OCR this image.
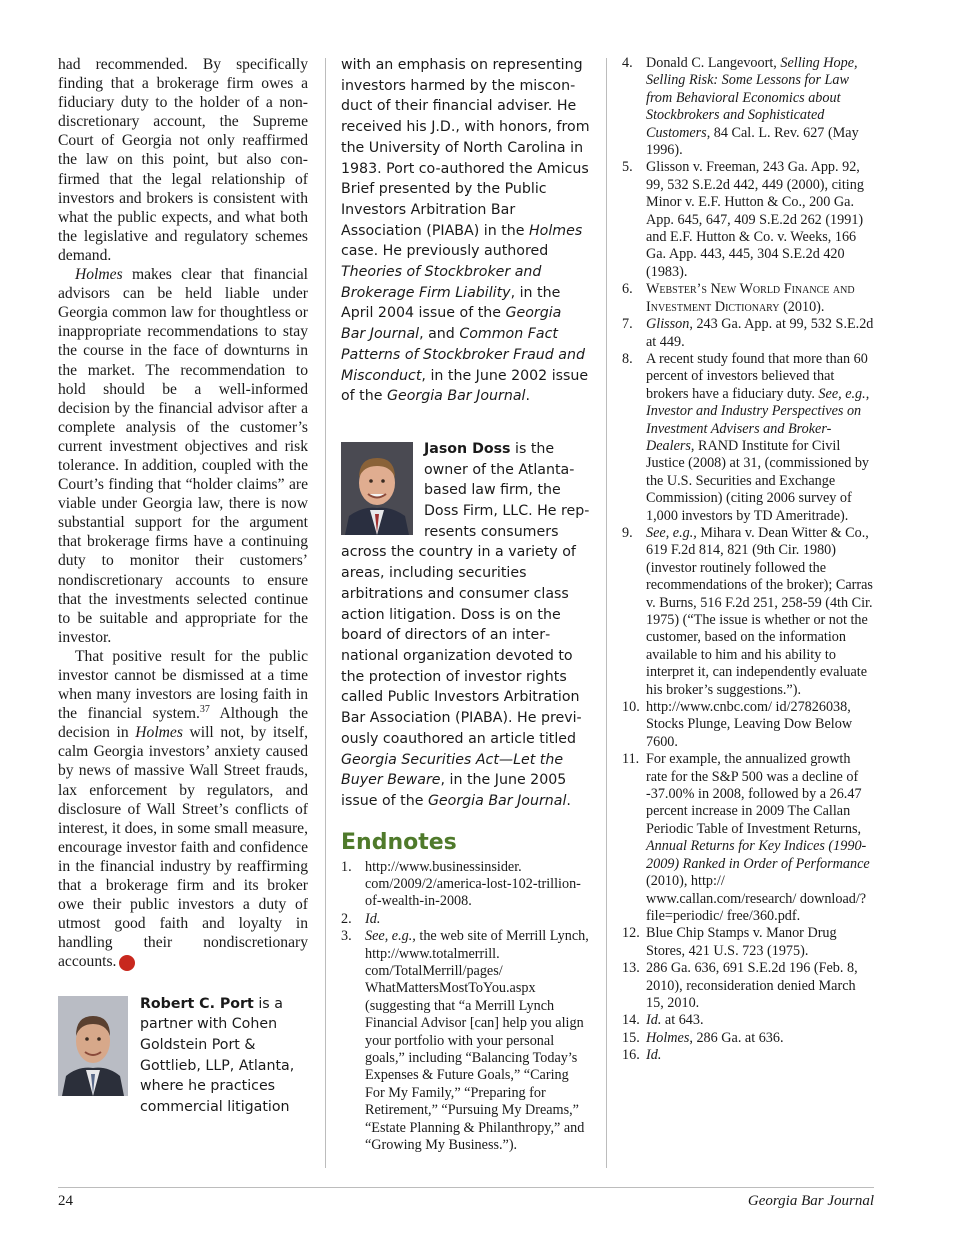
had recommended. By specifically finding that a brokerage firm owes a fiduciary duty to the holder of a nondiscretionary account, the Supreme Court of Georgia not only reaffirmed the law on this point, but also confirmed that the legal relationship of investors and brokers is consistent with what the public expects, and what both the legislative and regulatory schemes demand.

Holmes makes clear that financial advisors can be held liable under Georgia common law for thoughtless or inappropriate recommendations to stay the course in the face of downturns in the market. The recommendation to hold should be a well-informed decision by the financial advisor after a complete analysis of the customer’s current investment objectives and risk tolerance. In addition, coupled with the Court’s finding that “holder claims” are viable under Georgia law, there is now substantial support for the argument that brokerage firms have a continuing duty to monitor their customers’ nondiscretionary accounts to ensure that the investments selected continue to be suitable and appropriate for the investor.

That positive result for the public investor cannot be dismissed at a time when many investors are losing faith in the financial system.$^{37}$ Although the decision in Holmes will not, by itself, calm Georgia investors’ anxiety caused by news of massive Wall Street frauds, lax enforcement by regulators, and disclosure of Wall Street’s conflicts of interest, it does, in some small measure, encourage investor faith and confidence in the financial industry by reaffirming that a brokerage firm and its broker owe their public investors a duty of utmost good faith and loyalty in handling their nondiscretionary accounts.	GBJ

Robert C. Port is a partner with Cohen Goldstein Port & Gottlieb, LLP, Atlanta, where he practices commercial litigation

with an emphasis on representing investors harmed by the misconduct of their financial adviser. He received his J.D., with honors, from the University of North Carolina in 1983. Port co-authored the Amicus Brief presented by the Public Investors Arbitration Bar Association (PIABA) in the Holmes case. He previously authored Theories of Stockbroker and Brokerage Firm Liability, in the April 2004 issue of the Georgia Bar Journal, and Common Fact Patterns of Stockbroker Fraud and Misconduct, in the June 2002 issue of the Georgia Bar Journal.

Jason Doss is the owner of the Atlanta-based law firm, the Doss Firm, LLC. He represents consumers across the country in a variety of areas, including securities arbitrations and consumer class action litigation. Doss is on the board of directors of an international organization devoted to the protection of investor rights called Public Investors Arbitration Bar Association (PIABA). He previously coauthored an article titled Georgia Securities Act—Let the Buyer Beware, in the June 2005 issue of the Georgia Bar Journal.

Endnotes
1. http://www.businessinsider. com/2009/2/america-lost-102-trillion-of-wealth-in-2008.
2. Id.
3. See, e.g., the web site of Merrill Lynch, http://www.totalmerrill. com/TotalMerrill/pages/ WhatMattersMostToYou.aspx (suggesting that “a Merrill Lynch Financial Advisor [can] help you align your portfolio with your personal goals,” including “Balancing Today’s Expenses & Future Goals,” “Caring For My Family,” “Preparing for Retirement,” “Pursuing My Dreams,” “Estate Planning & Philanthropy,” and “Growing My Business.”).
4. Donald C. Langevoort, Selling Hope, Selling Risk: Some Lessons for Law from Behavioral Economics about Stockbrokers and Sophisticated Customers, 84 Cal. L. Rev. 627 (May 1996).
5. Glisson v. Freeman, 243 Ga. App. 92, 99, 532 S.E.2d 442, 449 (2000), citing Minor v. E.F. Hutton & Co., 200 Ga. App. 645, 647, 409 S.E.2d 262 (1991) and E.F. Hutton & Co. v. Weeks, 166 Ga. App. 443, 445, 304 S.E.2d 420 (1983).
6. Webster’s New World Finance and Investment Dictionary (2010).
7. Glisson, 243 Ga. App. at 99, 532 S.E.2d at 449.
8. A recent study found that more than 60 percent of investors believed that brokers have a fiduciary duty. See, e.g., Investor and Industry Perspectives on Investment Advisers and Broker-Dealers, RAND Institute for Civil Justice (2008) at 31, (commissioned by the U.S. Securities and Exchange Commission) (citing 2006 survey of 1,000 investors by TD Ameritrade).
9. See, e.g., Mihara v. Dean Witter & Co., 619 F.2d 814, 821 (9th Cir. 1980) (investor routinely followed the recommendations of the broker); Carras v. Burns, 516 F.2d 251, 258-59 (4th Cir. 1975) (“The issue is whether or not the customer, based on the information available to him and his ability to interpret it, can independently evaluate his broker’s suggestions.”).
10. http://www.cnbc.com/ id/27826038, Stocks Plunge, Leaving Dow Below 7600.
11. For example, the annualized growth rate for the S&P 500 was a decline of -37.00% in 2008, followed by a 26.47 percent increase in 2009 The Callan Periodic Table of Investment Returns, Annual Returns for Key Indices (1990-2009) Ranked in Order of Performance (2010), http:// www.callan.com/research/ download/?file=periodic/ free/360.pdf.
12. Blue Chip Stamps v. Manor Drug Stores, 421 U.S. 723 (1975).
13. 286 Ga. 636, 691 S.E.2d 196 (Feb. 8, 2010), reconsideration denied March 15, 2010.
14. Id. at 643.
15. Holmes, 286 Ga. at 636.
16. Id.
24	Georgia Bar Journal
